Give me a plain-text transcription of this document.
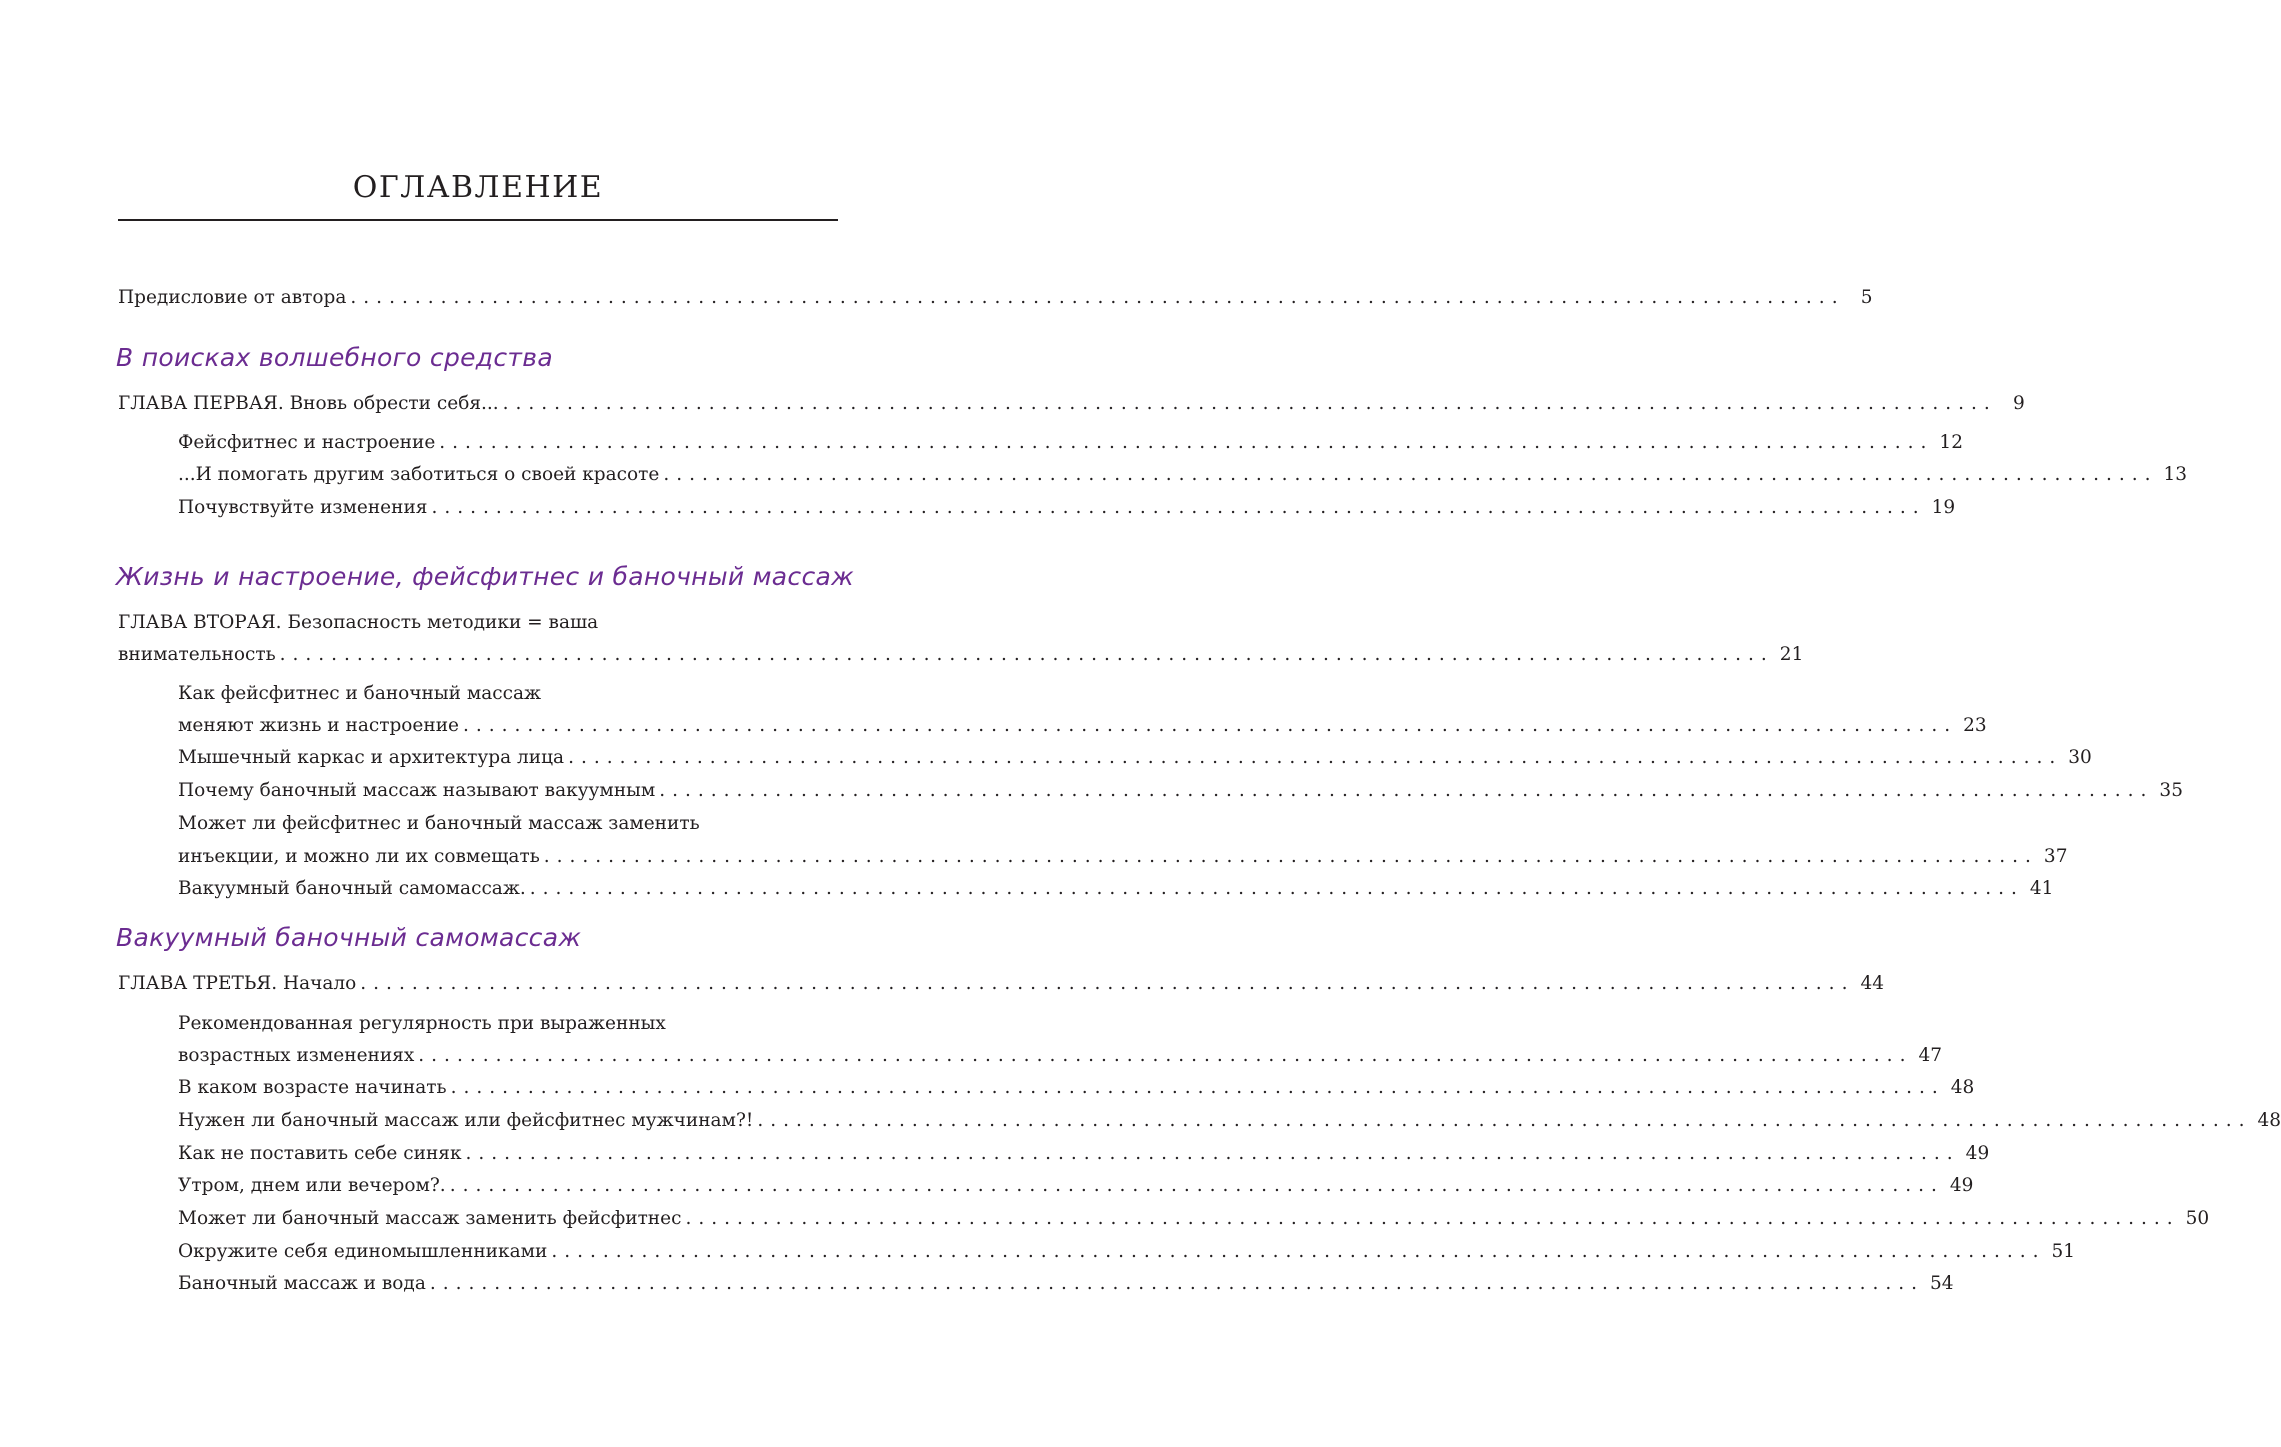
ОГЛАВЛЕНИЕ
Предисловие от автора .................................................................................................................... 5
В поисках волшебного средства
ГЛАВА ПЕРВАЯ. Вновь обрести себя... .................................................................................................................... 9
Фейсфитнес и настроение .................................................................................................................... 12
...И помогать другим заботиться о своей красоте .................................................................................................................... 13
Почувствуйте изменения .................................................................................................................... 19
Жизнь и настроение, фейсфитнес и баночный массаж
ГЛАВА ВТОРАЯ. Безопасность методики = ваша
внимательность .................................................................................................................... 21
Как фейсфитнес и баночный массаж
меняют жизнь и настроение .................................................................................................................... 23
Мышечный каркас и архитектура лица .................................................................................................................... 30
Почему баночный массаж называют вакуумным .................................................................................................................... 35
Может ли фейсфитнес и баночный массаж заменить
инъекции, и можно ли их совмещать .................................................................................................................... 37
Вакуумный баночный самомассаж. .................................................................................................................... 41
Вакуумный баночный самомассаж
ГЛАВА ТРЕТЬЯ. Начало .................................................................................................................... 44
Рекомендованная регулярность при выраженных
возрастных изменениях .................................................................................................................... 47
В каком возрасте начинать .................................................................................................................... 48
Нужен ли баночный массаж или фейсфитнес мужчинам?! .................................................................................................................... 48
Как не поставить себе синяк .................................................................................................................... 49
Утром, днем или вечером?. .................................................................................................................... 49
Может ли баночный массаж заменить фейсфитнес .................................................................................................................... 50
Окружите себя единомышленниками .................................................................................................................... 51
Баночный массаж и вода .................................................................................................................... 54
